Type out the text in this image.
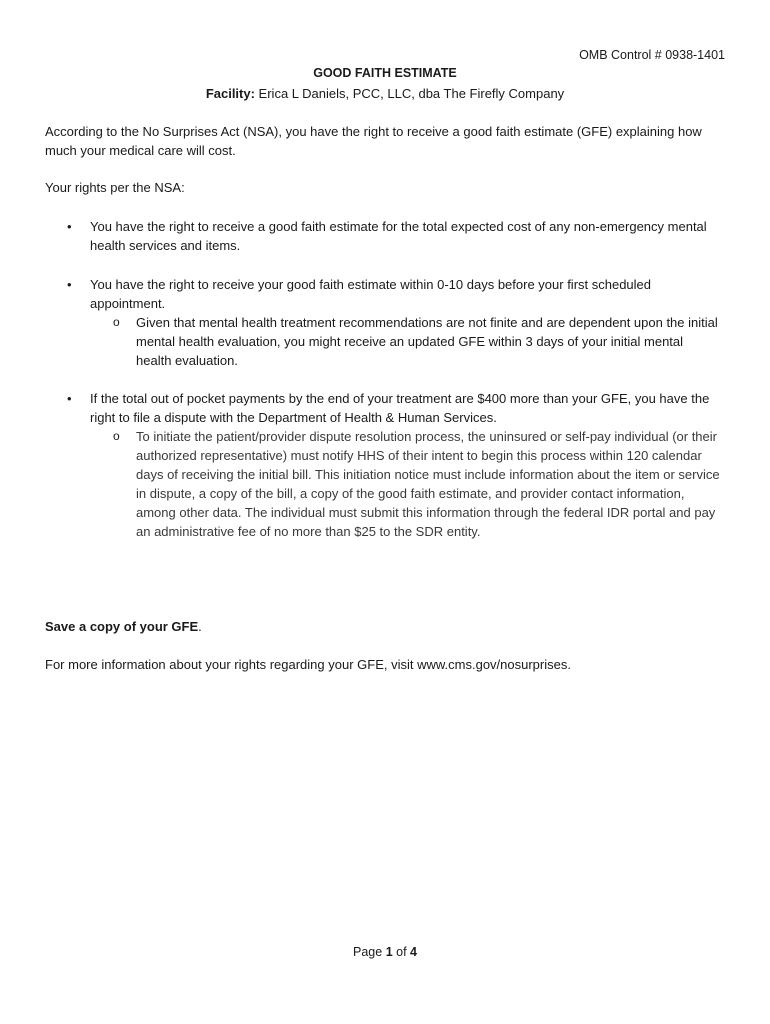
OMB Control # 0938-1401
GOOD FAITH ESTIMATE
Facility: Erica L Daniels, PCC, LLC, dba The Firefly Company
According to the No Surprises Act (NSA), you have the right to receive a good faith estimate (GFE) explaining how much your medical care will cost.
Your rights per the NSA:
• You have the right to receive a good faith estimate for the total expected cost of any non-emergency mental health services and items.
• You have the right to receive your good faith estimate within 0-10 days before your first scheduled appointment.
o Given that mental health treatment recommendations are not finite and are dependent upon the initial mental health evaluation, you might receive an updated GFE within 3 days of your initial mental health evaluation.
• If the total out of pocket payments by the end of your treatment are $400 more than your GFE, you have the right to file a dispute with the Department of Health & Human Services.
o To initiate the patient/provider dispute resolution process, the uninsured or self-pay individual (or their authorized representative) must notify HHS of their intent to begin this process within 120 calendar days of receiving the initial bill. This initiation notice must include information about the item or service in dispute, a copy of the bill, a copy of the good faith estimate, and provider contact information, among other data. The individual must submit this information through the federal IDR portal and pay an administrative fee of no more than $25 to the SDR entity.
Save a copy of your GFE.
For more information about your rights regarding your GFE, visit www.cms.gov/nosurprises.
Page 1 of 4
